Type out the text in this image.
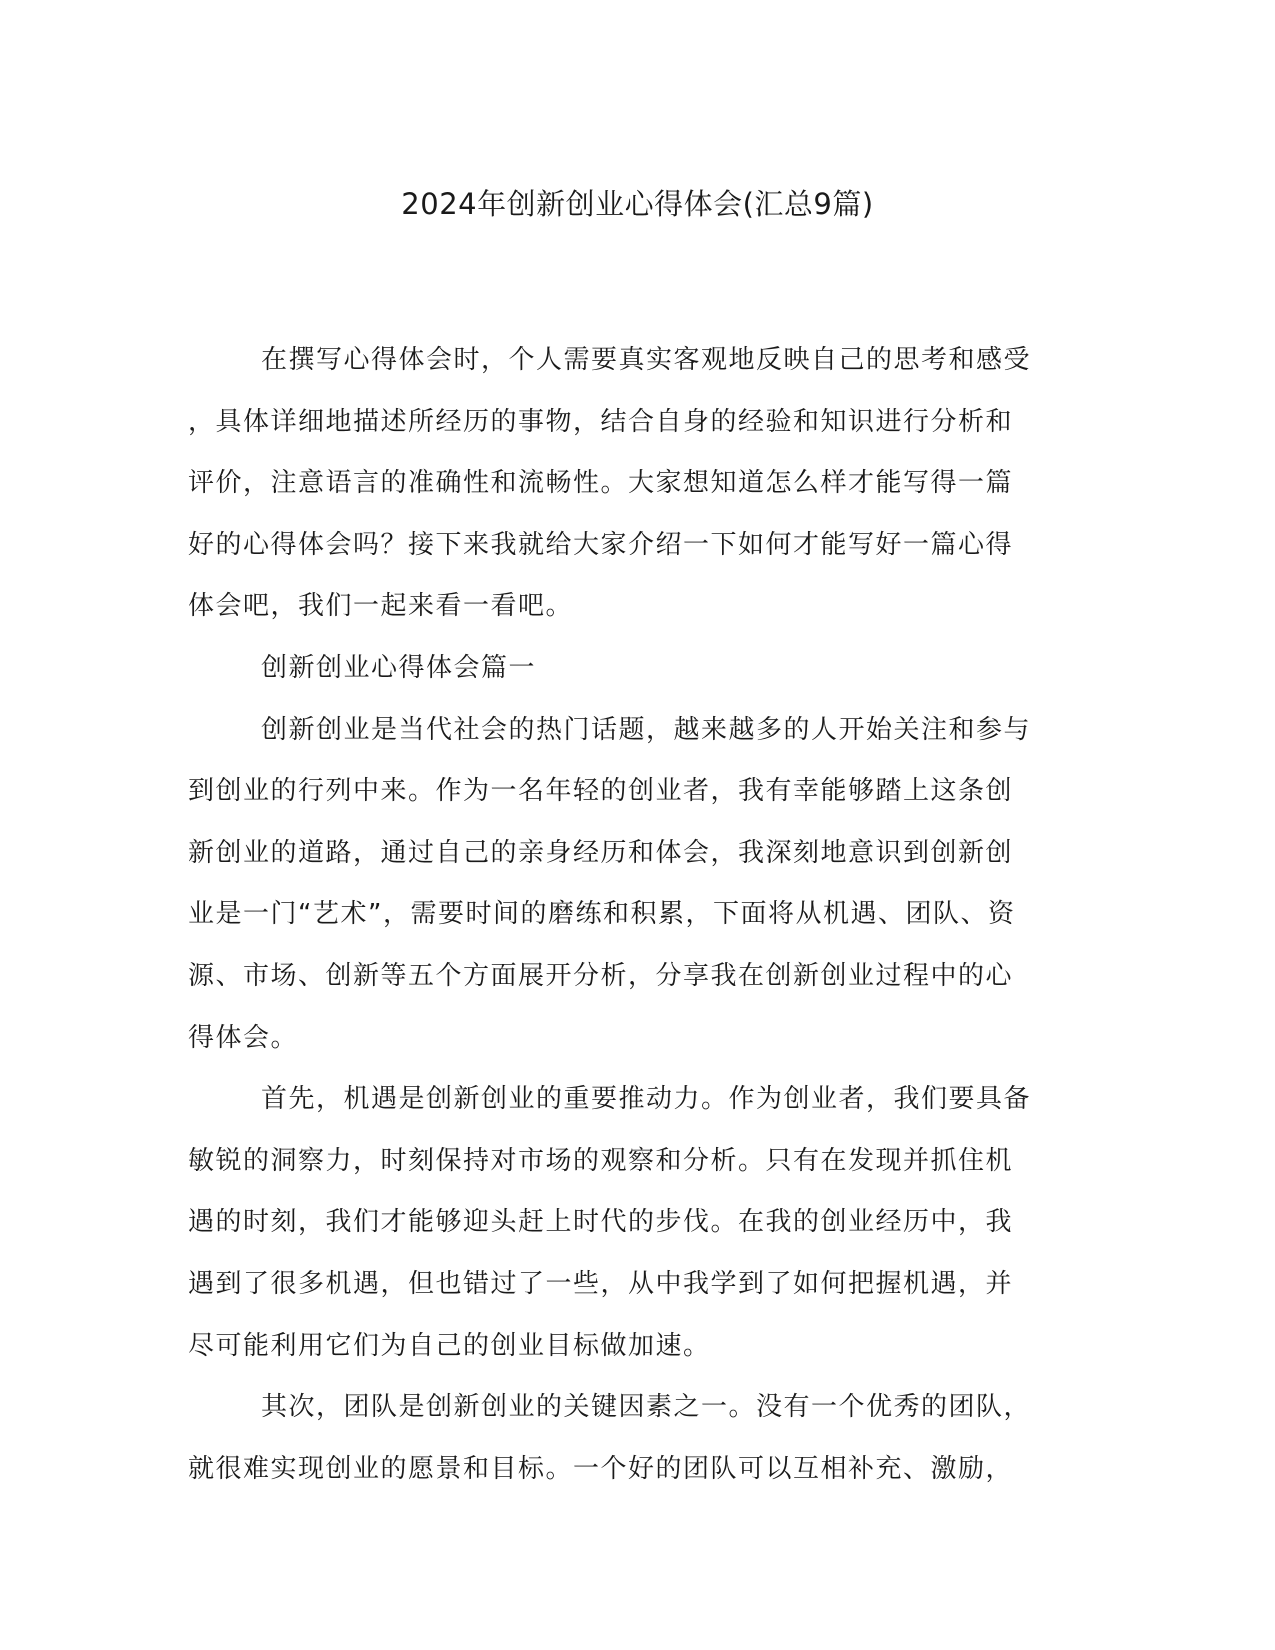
2024年创新创业心得体会(汇总9篇)
在撰写心得体会时，个人需要真实客观地反映自己的思考和感受
，具体详细地描述所经历的事物，结合自身的经验和知识进行分析和
评价，注意语言的准确性和流畅性。大家想知道怎么样才能写得一篇
好的心得体会吗？接下来我就给大家介绍一下如何才能写好一篇心得
体会吧，我们一起来看一看吧。
创新创业心得体会篇一
创新创业是当代社会的热门话题，越来越多的人开始关注和参与
到创业的行列中来。作为一名年轻的创业者，我有幸能够踏上这条创
新创业的道路，通过自己的亲身经历和体会，我深刻地意识到创新创
业是一门“艺术”，需要时间的磨练和积累，下面将从机遇、团队、资
源、市场、创新等五个方面展开分析，分享我在创新创业过程中的心
得体会。
首先，机遇是创新创业的重要推动力。作为创业者，我们要具备
敏锐的洞察力，时刻保持对市场的观察和分析。只有在发现并抓住机
遇的时刻，我们才能够迎头赶上时代的步伐。在我的创业经历中，我
遇到了很多机遇，但也错过了一些，从中我学到了如何把握机遇，并
尽可能利用它们为自己的创业目标做加速。
其次，团队是创新创业的关键因素之一。没有一个优秀的团队，
就很难实现创业的愿景和目标。一个好的团队可以互相补充、激励，
